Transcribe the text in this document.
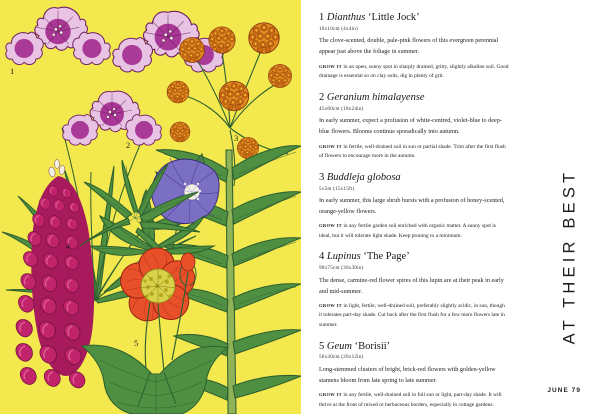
1
2
3
4
5
1 Dianthus ‘Little Jock’

10x10cm (4x4in)

The clove-scented, double, pale-pink flowers of this evergreen perennial appear just above the foliage in summer.

GROW IT in an open, sunny spot in sharply drained, gritty, slightly alkaline soil. Good drainage is essential so on clay soils, dig in plenty of grit.

2 Geranium himalayense

45x60cm (18x24in)

In early summer, expect a profusion of white-centred, violet-blue to deep-blue flowers. Blooms continue sporadically into autumn.

GROW IT in fertile, well-drained soil in sun or partial shade. Trim after the first flush of flowers to encourage more in the autumn.

3 Buddleja globosa

5x5m (15x15ft)

In early summer, this large shrub bursts with a profusion of honey-scented, orange-yellow flowers.

GROW IT in any fertile garden soil enriched with organic matter. A sunny spot is ideal, but it will tolerate light shade. Keep pruning to a minimum.

4 Lupinus ‘The Page’

90x75cm (36x30in)

The dense, carmine-red flower spires of this lupin are at their peak in early and mid-summer.

GROW IT in light, fertile, well-drained soil, preferably slightly acidic, in sun, though it tolerates part-day shade. Cut back after the first flush for a few more flowers late in summer.

5 Geum ‘Borisii’

50x30cm (20x12in)

Long-stemmed clusters of bright, brick-red flowers with golden-yellow stamens bloom from late spring to late summer.

GROW IT in any fertile, well-drained soil in full sun or light, part-day shade. It will thrive at the front of mixed or herbaceous borders, especially in cottage gardens.

AT THEIR BEST
JUNE 79
